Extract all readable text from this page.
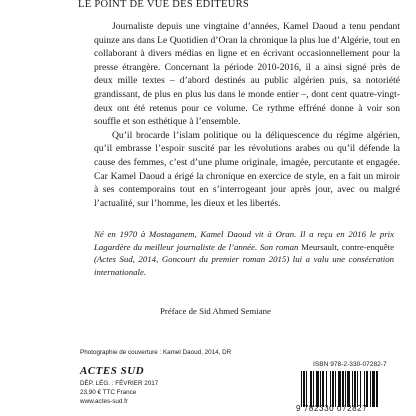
LE POINT DE VUE DES ÉDITEURS

Journaliste depuis une vingtaine d’années, Kamel Daoud a tenu pendant quinze ans dans Le Quotidien d’Oran la chronique la plus lue d’Algérie, tout en collaborant à divers médias en ligne et en écrivant occasionnellement pour la presse étrangère. Concernant la période 2010-2016, il a ainsi signé près de deux mille textes – d’abord destinés au public algérien puis, sa notoriété grandissant, de plus en plus lus dans le monde entier –, dont cent quatre-vingt-deux ont été retenus pour ce volume. Ce rythme effréné donne à voir son souffle et son esthétique à l’ensemble.

Qu’il brocarde l’islam politique ou la déliquescence du régime algérien, qu’il embrasse l’espoir suscité par les révolutions arabes ou qu’il défende la cause des femmes, c’est d’une plume originale, imagée, percutante et engagée. Car Kamel Daoud a érigé la chronique en exercice de style, en a fait un miroir à ses contemporains tout en s’interrogeant jour après jour, avec ou malgré l’actualité, sur l’homme, les dieux et les libertés.

Né en 1970 à Mostaganem, Kamel Daoud vit à Oran. Il a reçu en 2016 le prix Lagardère du meilleur journaliste de l’année. Son roman Meursault, contre-enquête (Actes Sud, 2014, Goncourt du premier roman 2015) lui a valu une consécration internationale.

Préface de Sid Ahmed Semiane
Photographie de couverture : Kamel Daoud, 2014, DR
ACTES SUD
DÉP. LÉG. : FÉVRIER 2017
23,90 € TTC France
www.actes-sud.fr
ISBN 978-2-330-07282-7
9 782330 072827
